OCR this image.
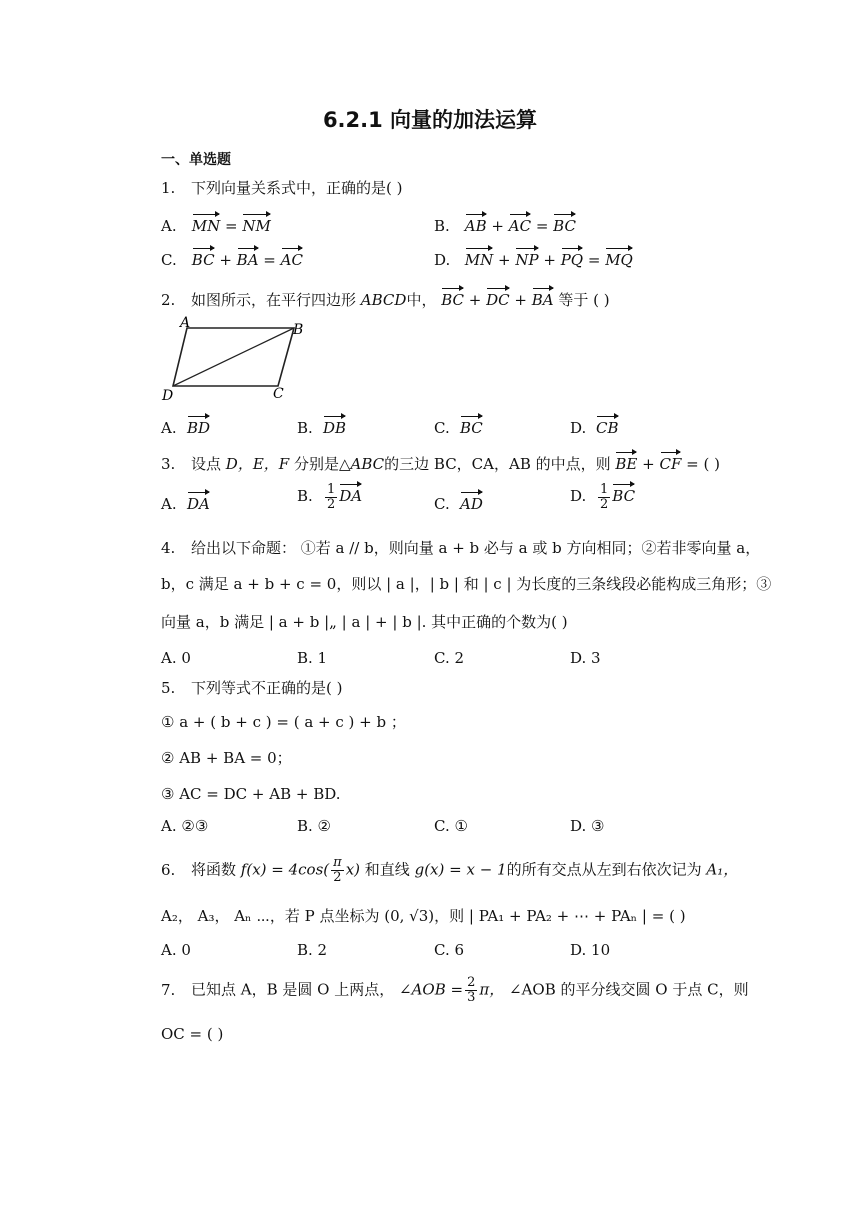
6.2.1 向量的加法运算
一、单选题
1. 下列向量关系式中，正确的是( )
A. MN = NM	B. AB + AC = BC
C. BC + BA = AC	D. MN + NP + PQ = MQ
2. 如图所示，在平行四边形 ABCD中， BC + DC + BA 等于 ( )
A	B
C
D
A. BD	B. DB	C. BC	D. CB
3. 设点 D，E，F 分别是△ABC的三边 BC，CA，AB 的中点，则 BE + CF = ( )
A. DA	B. $\frac{1}{2}$ DA	C. AD	D. $\frac{1}{2}$ BC
4. 给出以下命题： ①若 a // b，则向量 a + b 必与 a 或 b 方向相同；②若非零向量 a，
b，c 满足 a + b + c = 0，则以 | a |，| b | 和 | c | 为长度的三条线段必能构成三角形；③
向量 a，b 满足 | a + b |„ | a | + | b |. 其中正确的个数为( )
A. 0	B. 1	C. 2	D. 3
5. 下列等式不正确的是( )
① a + ( b + c ) = ( a + c ) + b ；
② AB + BA = 0；
③ AC = DC + AB + BD.
A. ②③	B. ②	C. ①	D. ③
6. 将函数 $f(x) = 4\cos( \frac{\pi}{2} x)$ 和直线 g(x) = x − 1的所有交点从左到右依次记为 A₁，
A₂， A₃， Aₙ ⋯，若 P 点坐标为 (0, √3)，则 | PA₁ + PA₂ + ⋯ + PAₙ | = ( )
A. 0	B. 2	C. 6	D. 10
7. 已知点 A，B 是圆 O 上两点， ∠AOB = $\frac{2}{3}$ π， ∠AOB 的平分线交圆 O 于点 C，则
OC = ( )
